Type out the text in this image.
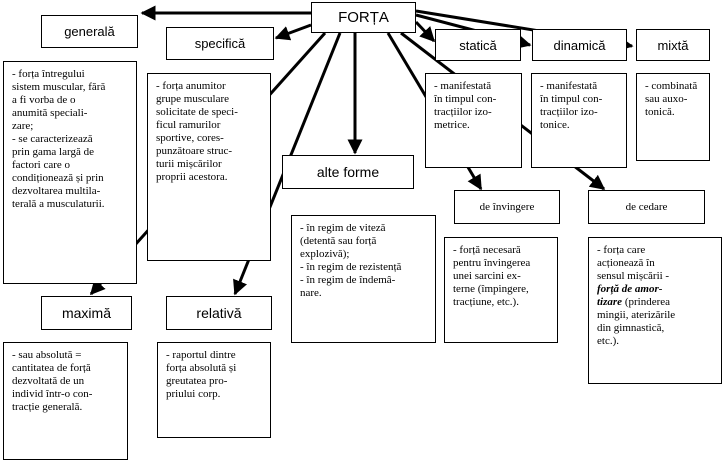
FORȚA
generală
specifică	statică	dinamică	mixtă
alte forme
de învingere	de cedare
maximă	relativă
- forța întregului
sistem muscular, fără
a fi vorba de o
anumită speciali-
zare;
- se caracterizează
prin gama largă de
factori care o
condiționează și prin
dezvoltarea multila-
terală a musculaturii.
- forța anumitor
grupe musculare
solicitate de speci-
ficul ramurilor
sportive, cores-
punzătoare struc-
turii mișcărilor
proprii acestora.
- manifestată
în timpul con-
tracțiilor izo-
metrice.
- manifestată
în timpul con-
tracțiilor izo-
tonice.
- combinată
sau auxo-
tonică.
- în regim de viteză
(detentă sau forță
explozivă);
- în regim de rezistență
- în regim de îndemâ-
nare.
- forță necesară
pentru învingerea
unei sarcini ex-
terne (împingere,
tracțiune, etc.).
- forța care
acționează în
sensul mișcării -
forță de amor-
tizare (prinderea
mingii, aterizările
din gimnastică,
etc.).
- sau absolută =
cantitatea de forță
dezvoltată de un
individ într-o con-
tracție generală.
- raportul dintre
forța absolută și
greutatea pro-
priului corp.
